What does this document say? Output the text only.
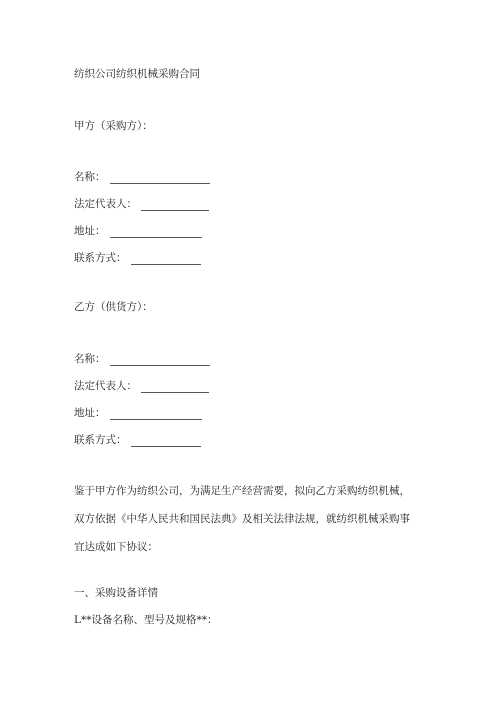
纺织公司纺织机械采购合同
甲方（采购方）：
名称：
法定代表人：
地址：
联系方式：
乙方（供货方）：
名称：
法定代表人：
地址：
联系方式：
鉴于甲方作为纺织公司，为满足生产经营需要，拟向乙方采购纺织机械，
双方依据《中华人民共和国民法典》及相关法律法规，就纺织机械采购事
宜达成如下协议：
一、采购设备详情
L**设备名称、型号及规格**：
